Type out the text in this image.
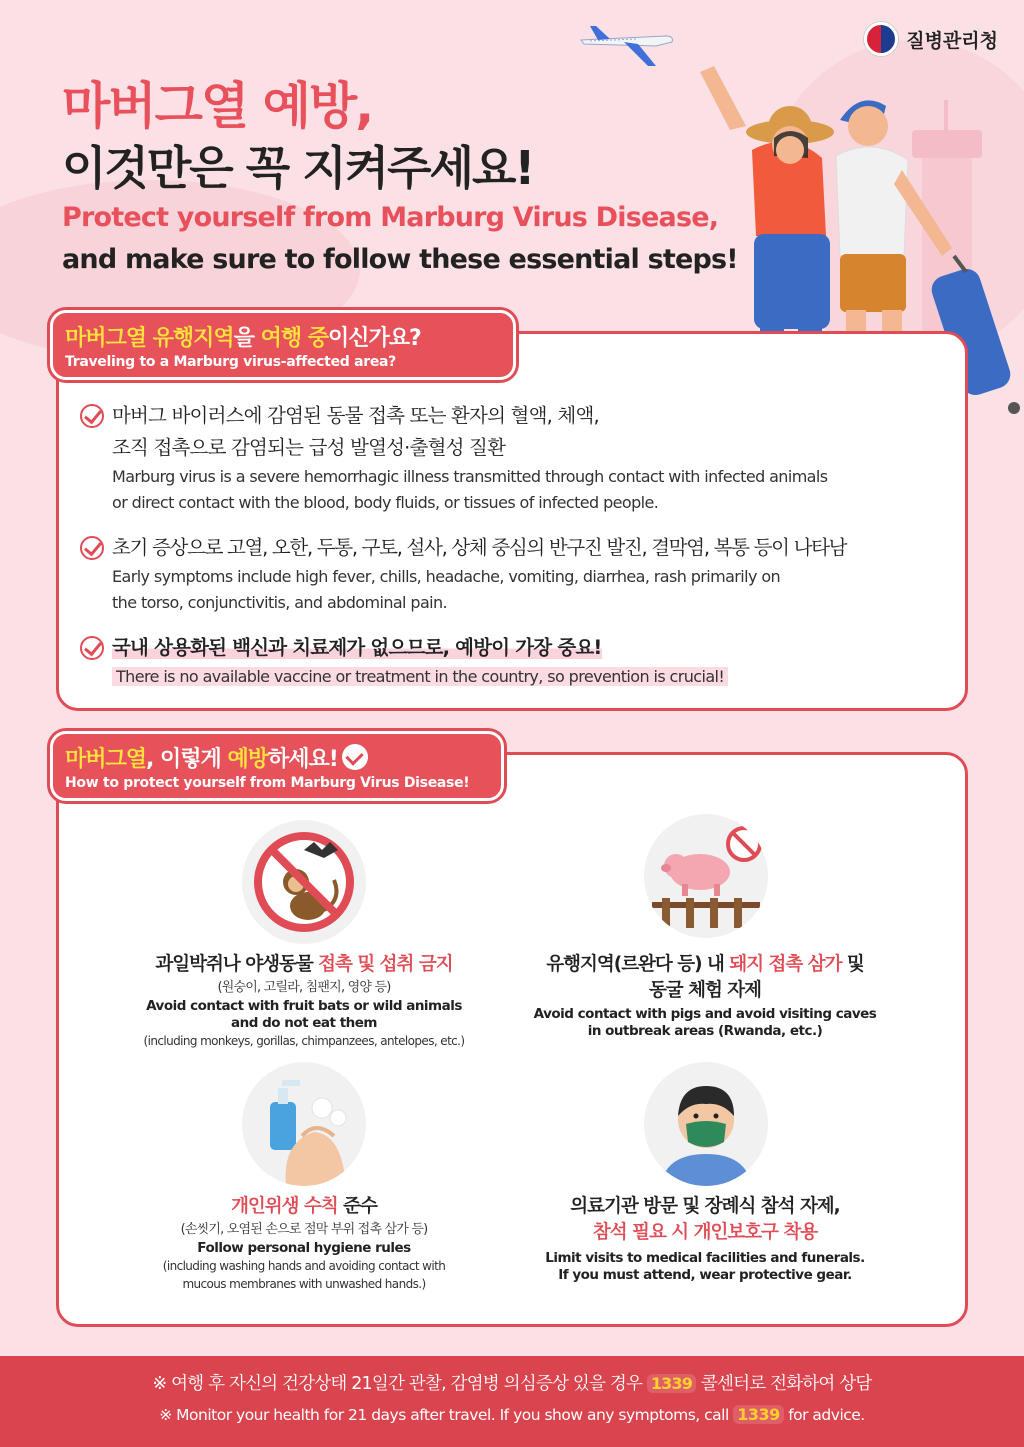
질병관리청
마버그열 예방,
이것만은 꼭 지켜주세요!
Protect yourself from Marburg Virus Disease,
and make sure to follow these essential steps!
마버그열 유행지역을 여행 중이신가요?
Traveling to a Marburg virus-affected area?
마버그 바이러스에 감염된 동물 접촉 또는 환자의 혈액, 체액,
조직 접촉으로 감염되는 급성 발열성·출혈성 질환
Marburg virus is a severe hemorrhagic illness transmitted through contact with infected animals
or direct contact with the blood, body fluids, or tissues of infected people.
초기 증상으로 고열, 오한, 두통, 구토, 설사, 상체 중심의 반구진 발진, 결막염, 복통 등이 나타남
Early symptoms include high fever, chills, headache, vomiting, diarrhea, rash primarily on
the torso, conjunctivitis, and abdominal pain.
국내 상용화된 백신과 치료제가 없으므로, 예방이 가장 중요!
There is no available vaccine or treatment in the country, so prevention is crucial!
마버그열, 이렇게 예방하세요!
How to protect yourself from Marburg Virus Disease!
과일박쥐나 야생동물 접촉 및 섭취 금지
(원숭이, 고릴라, 침팬지, 영양 등)
Avoid contact with fruit bats or wild animals
and do not eat them
(including monkeys, gorillas, chimpanzees, antelopes, etc.)
유행지역(르완다 등) 내 돼지 접촉 삼가 및
동굴 체험 자제
Avoid contact with pigs and avoid visiting caves
in outbreak areas (Rwanda, etc.)
개인위생 수칙 준수
(손씻기, 오염된 손으로 점막 부위 접촉 삼가 등)
Follow personal hygiene rules
(including washing hands and avoiding contact with
mucous membranes with unwashed hands.)
의료기관 방문 및 장례식 참석 자제,
참석 필요 시 개인보호구 착용
Limit visits to medical facilities and funerals.
If you must attend, wear protective gear.
※ 여행 후 자신의 건강상태 21일간 관찰, 감염병 의심증상 있을 경우 1339 콜센터로 전화하여 상담
※ Monitor your health for 21 days after travel. If you show any symptoms, call 1339 for advice.
